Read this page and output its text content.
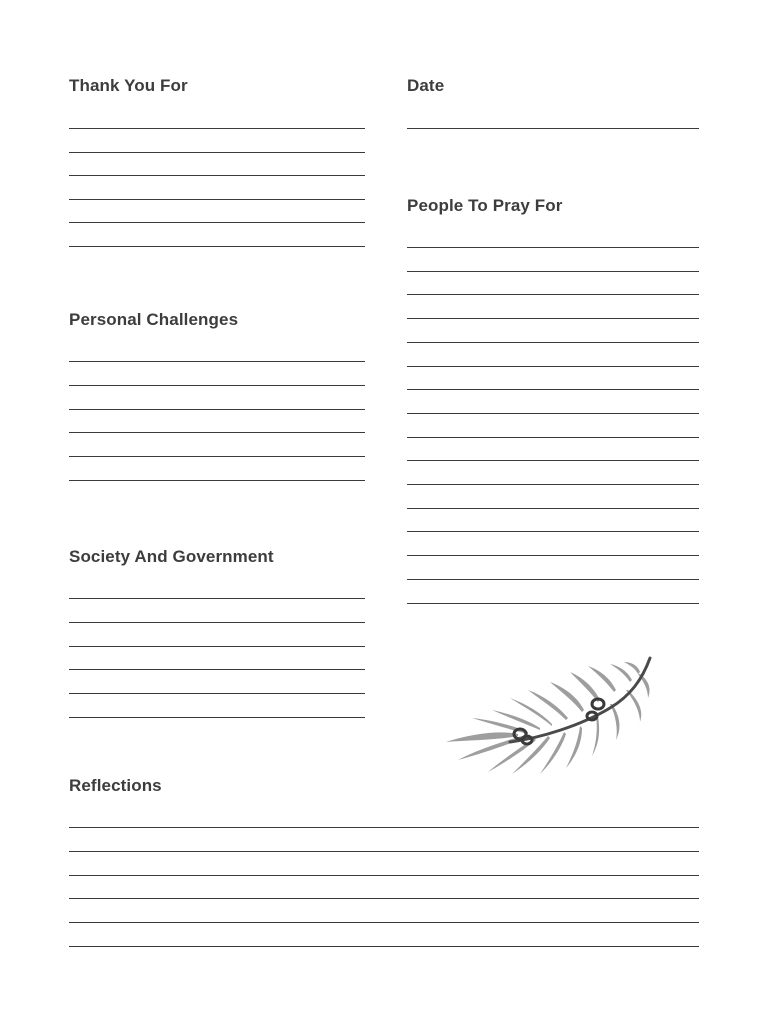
Thank You For	Date
People To Pray For
Personal Challenges
Society And Government
Reflections
